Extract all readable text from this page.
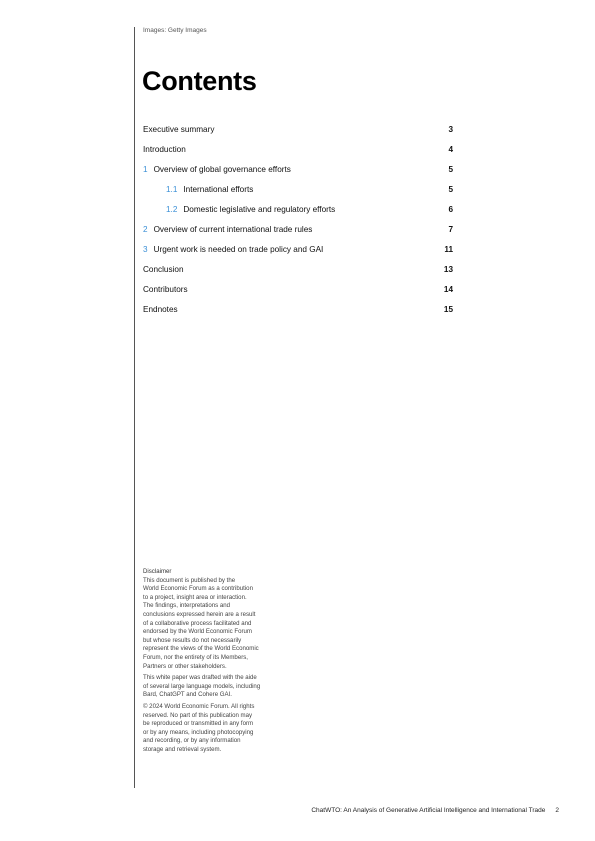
Images: Getty Images
Contents
Executive summary	3
Introduction	4
1 Overview of global governance efforts	5
1.1 International efforts	5
1.2 Domestic legislative and regulatory efforts	6
2 Overview of current international trade rules	7
3 Urgent work is needed on trade policy and GAI	11
Conclusion	13
Contributors	14
Endnotes	15
Disclaimer

This document is published by the
World Economic Forum as a contribution
to a project, insight area or interaction.
The findings, interpretations and
conclusions expressed herein are a result
of a collaborative process facilitated and
endorsed by the World Economic Forum
but whose results do not necessarily
represent the views of the World Economic
Forum, nor the entirety of its Members,
Partners or other stakeholders.

This white paper was drafted with the aide
of several large language models, including
Bard, ChatGPT and Cohere GAI.

© 2024 World Economic Forum. All rights
reserved. No part of this publication may
be reproduced or transmitted in any form
or by any means, including photocopying
and recording, or by any information
storage and retrieval system.

ChatWTO: An Analysis of Generative Artificial Intelligence and International Trade 2
